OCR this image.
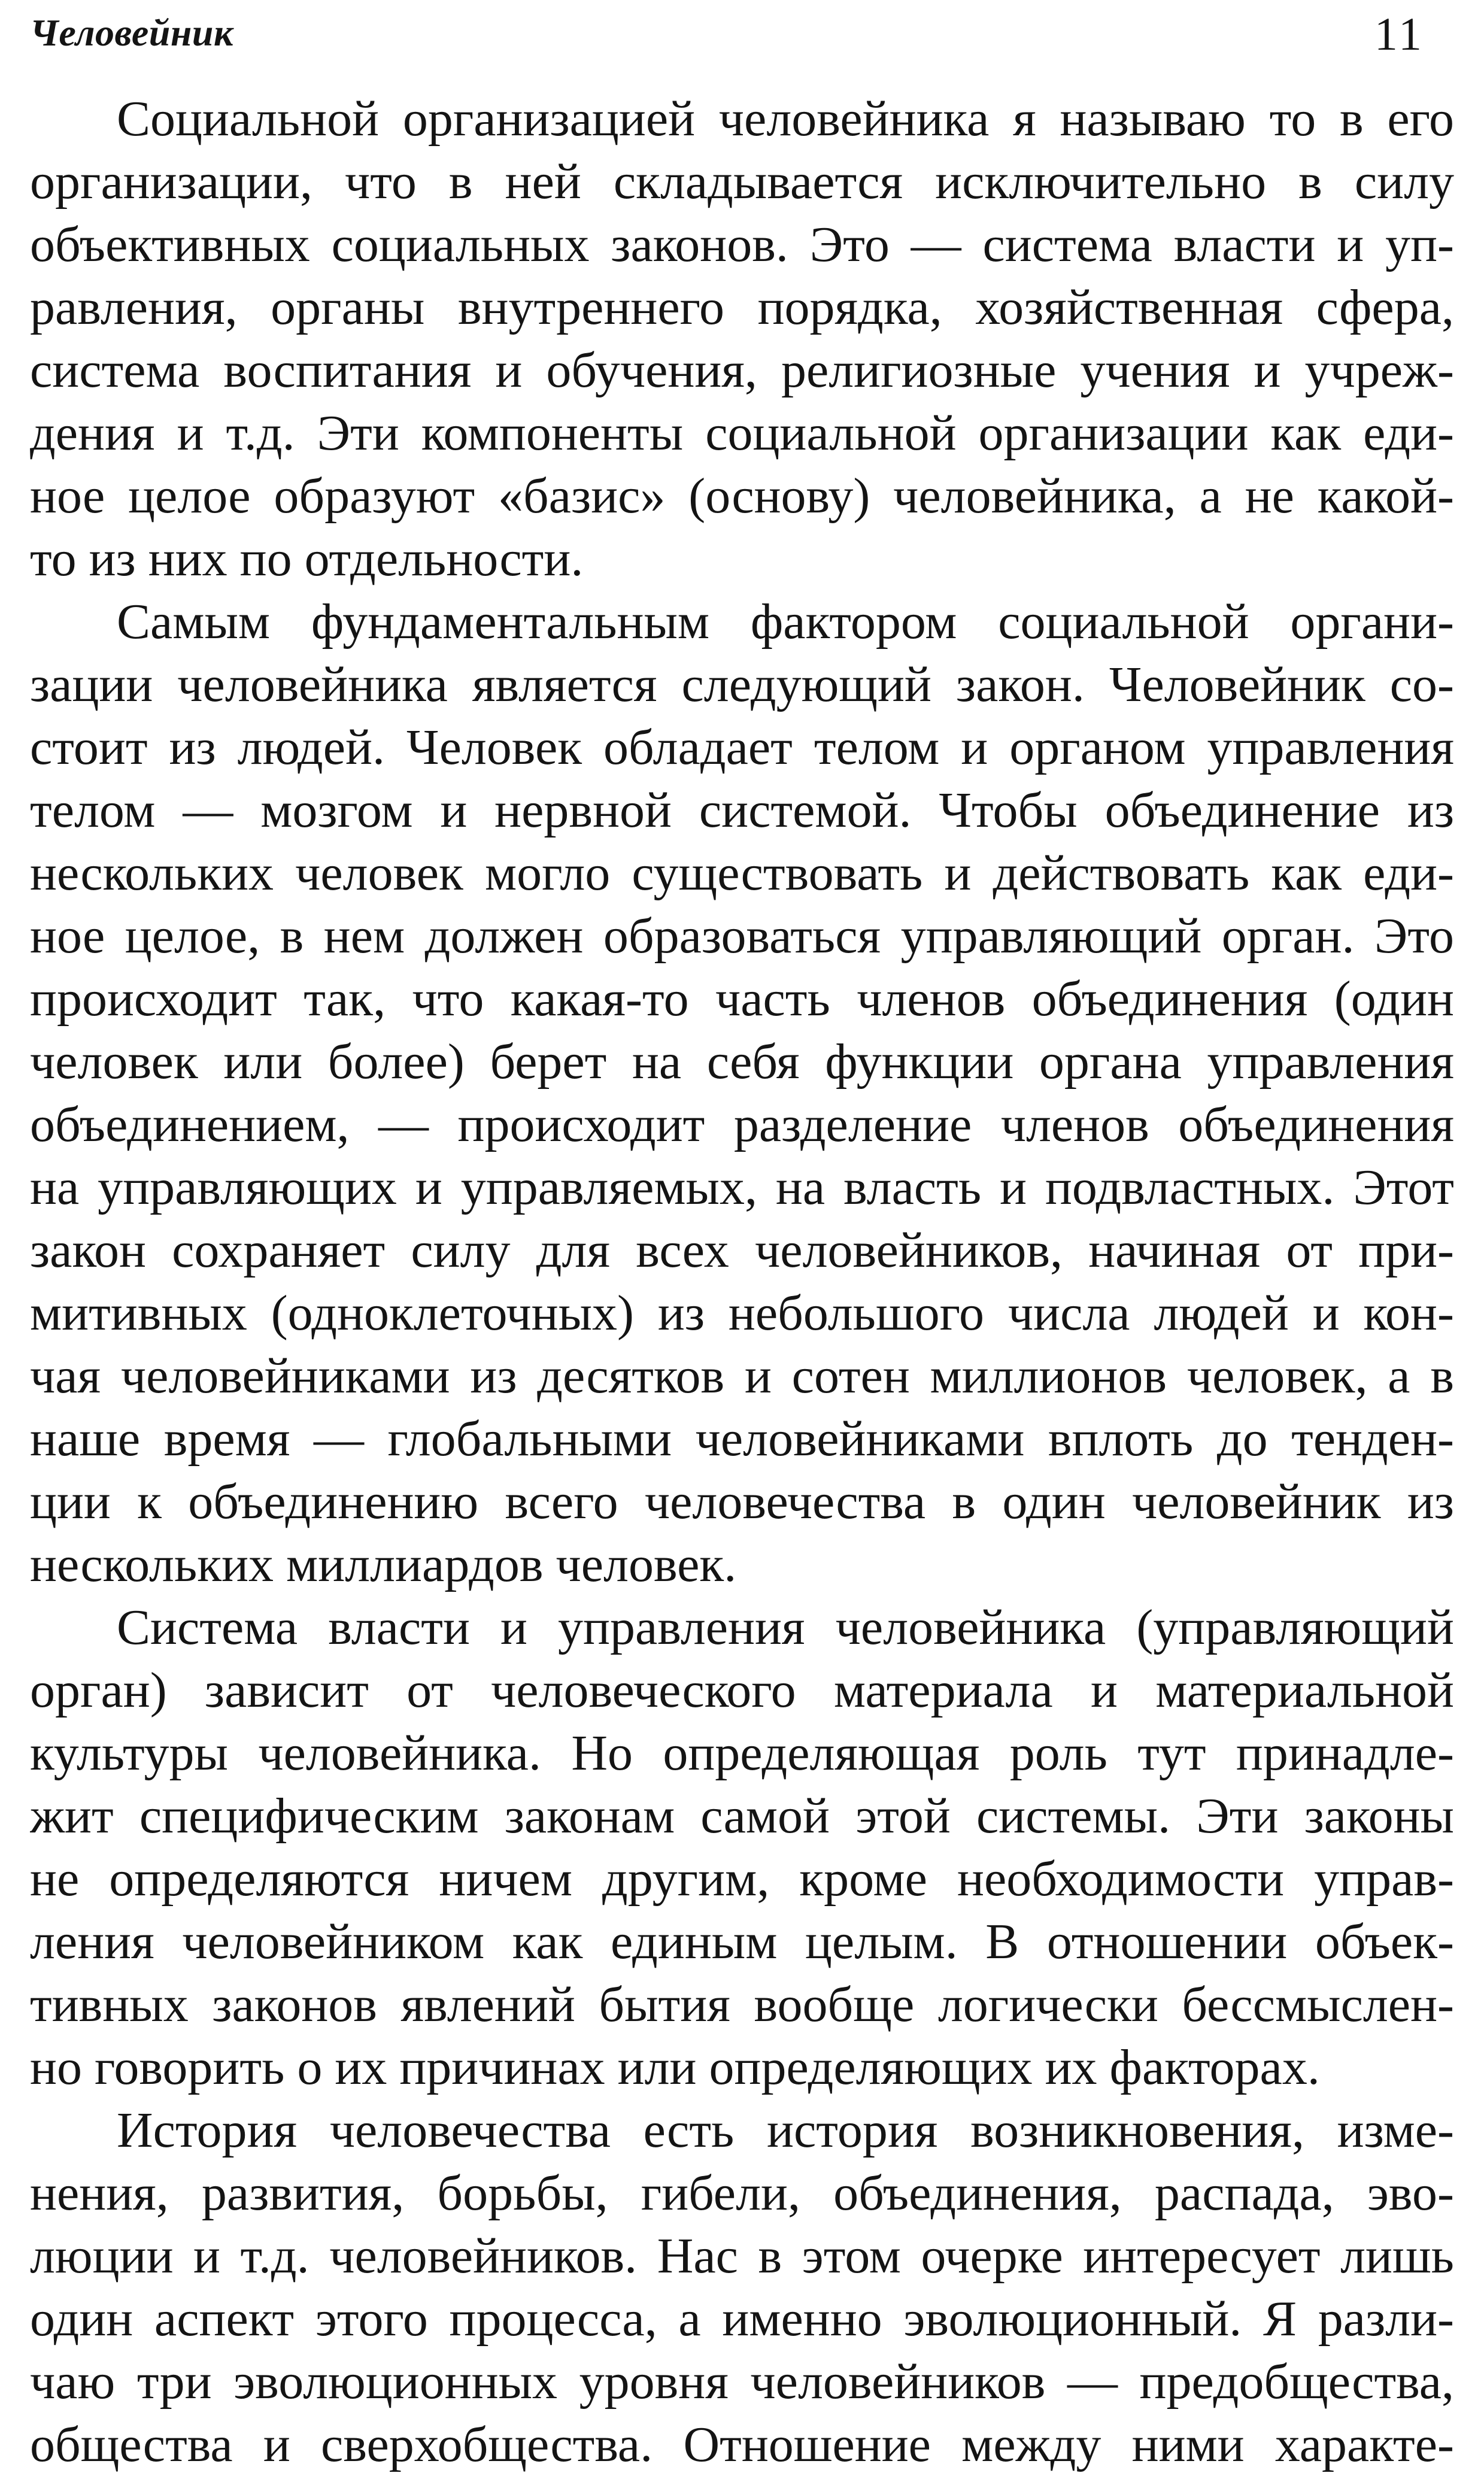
Человейник	11
Социальной организацией человейника я называю то в его
организации, что в ней складывается исключительно в силу
объективных социальных законов. Это — система власти и уп-
равления, органы внутреннего порядка, хозяйственная сфера,
система воспитания и обучения, религиозные учения и учреж-
дения и т.д. Эти компоненты социальной организации как еди-
ное целое образуют «базис» (основу) человейника, а не какой-
то из них по отдельности.
Самым фундаментальным фактором социальной органи-
зации человейника является следующий закон. Человейник со-
стоит из людей. Человек обладает телом и органом управления
телом — мозгом и нервной системой. Чтобы объединение из
нескольких человек могло существовать и действовать как еди-
ное целое, в нем должен образоваться управляющий орган. Это
происходит так, что какая-то часть членов объединения (один
человек или более) берет на себя функции органа управления
объединением, — происходит разделение членов объединения
на управляющих и управляемых, на власть и подвластных. Этот
закон сохраняет силу для всех человейников, начиная от при-
митивных (одноклеточных) из небольшого числа людей и кон-
чая человейниками из десятков и сотен миллионов человек, а в
наше время — глобальными человейниками вплоть до тенден-
ции к объединению всего человечества в один человейник из
нескольких миллиардов человек.
Система власти и управления человейника (управляющий
орган) зависит от человеческого материала и материальной
культуры человейника. Но определяющая роль тут принадле-
жит специфическим законам самой этой системы. Эти законы
не определяются ничем другим, кроме необходимости управ-
ления человейником как единым целым. В отношении объек-
тивных законов явлений бытия вообще логически бессмыслен-
но говорить о их причинах или определяющих их факторах.
История человечества есть история возникновения, изме-
нения, развития, борьбы, гибели, объединения, распада, эво-
люции и т.д. человейников. Нас в этом очерке интересует лишь
один аспект этого процесса, а именно эволюционный. Я разли-
чаю три эволюционных уровня человейников — предобщества,
общества и сверхобщества. Отношение между ними характе-
